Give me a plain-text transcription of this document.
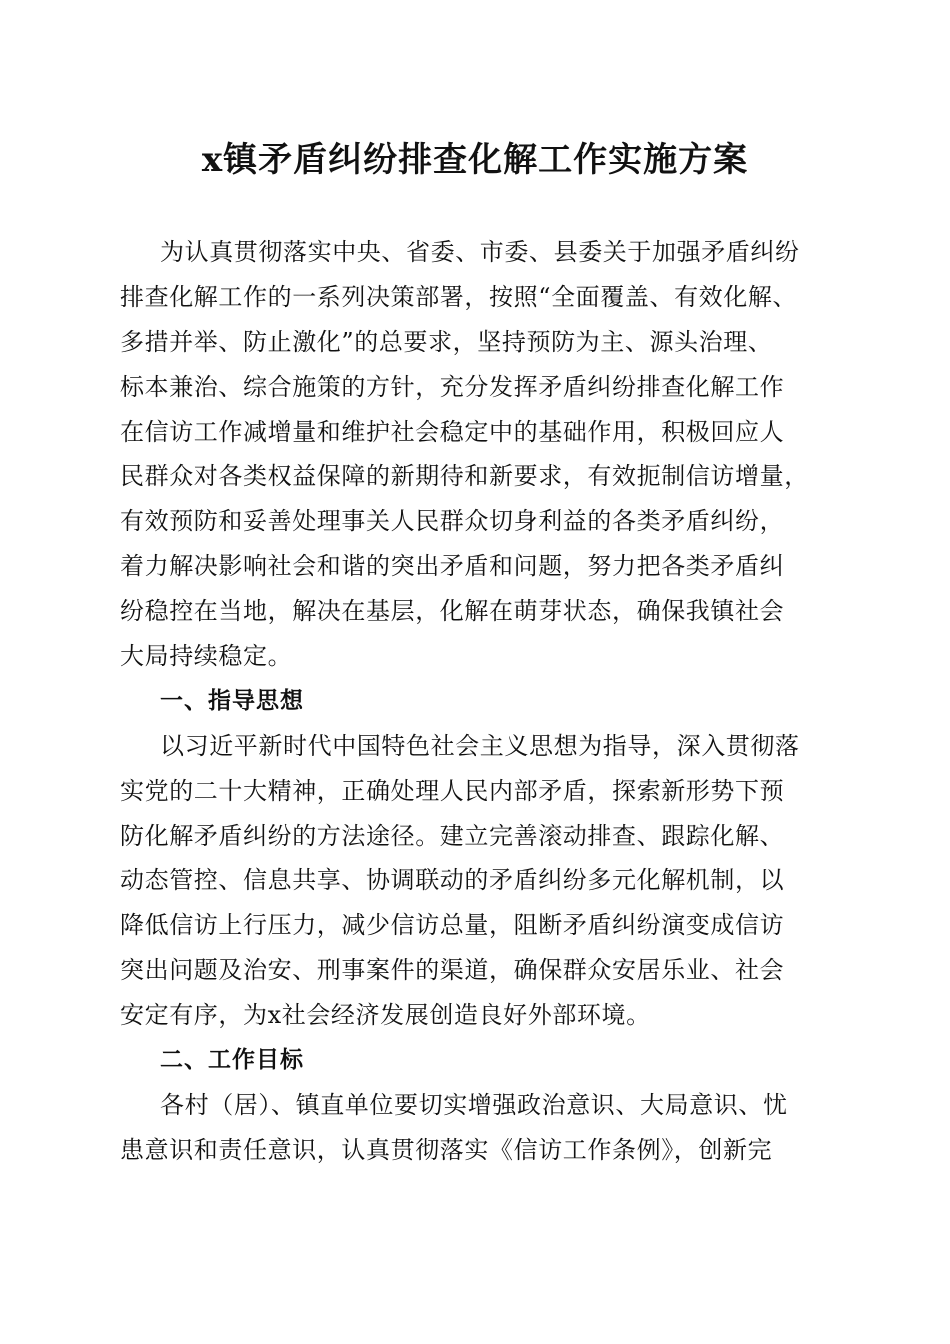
x镇矛盾纠纷排查化解工作实施方案
为认真贯彻落实中央、省委、市委、县委关于加强矛盾纠纷
排查化解工作的一系列决策部署，按照“全面覆盖、有效化解、
多措并举、防止激化”的总要求，坚持预防为主、源头治理、
标本兼治、综合施策的方针，充分发挥矛盾纠纷排查化解工作
在信访工作减增量和维护社会稳定中的基础作用，积极回应人
民群众对各类权益保障的新期待和新要求，有效扼制信访增量，
有效预防和妥善处理事关人民群众切身利益的各类矛盾纠纷，
着力解决影响社会和谐的突出矛盾和问题，努力把各类矛盾纠
纷稳控在当地，解决在基层，化解在萌芽状态，确保我镇社会
大局持续稳定。
一、指导思想
以习近平新时代中国特色社会主义思想为指导，深入贯彻落
实党的二十大精神，正确处理人民内部矛盾，探索新形势下预
防化解矛盾纠纷的方法途径。建立完善滚动排查、跟踪化解、
动态管控、信息共享、协调联动的矛盾纠纷多元化解机制，以
降低信访上行压力，减少信访总量，阻断矛盾纠纷演变成信访
突出问题及治安、刑事案件的渠道，确保群众安居乐业、社会
安定有序，为x社会经济发展创造良好外部环境。
二、工作目标
各村（居）、镇直单位要切实增强政治意识、大局意识、忧
患意识和责任意识，认真贯彻落实《信访工作条例》，创新完
